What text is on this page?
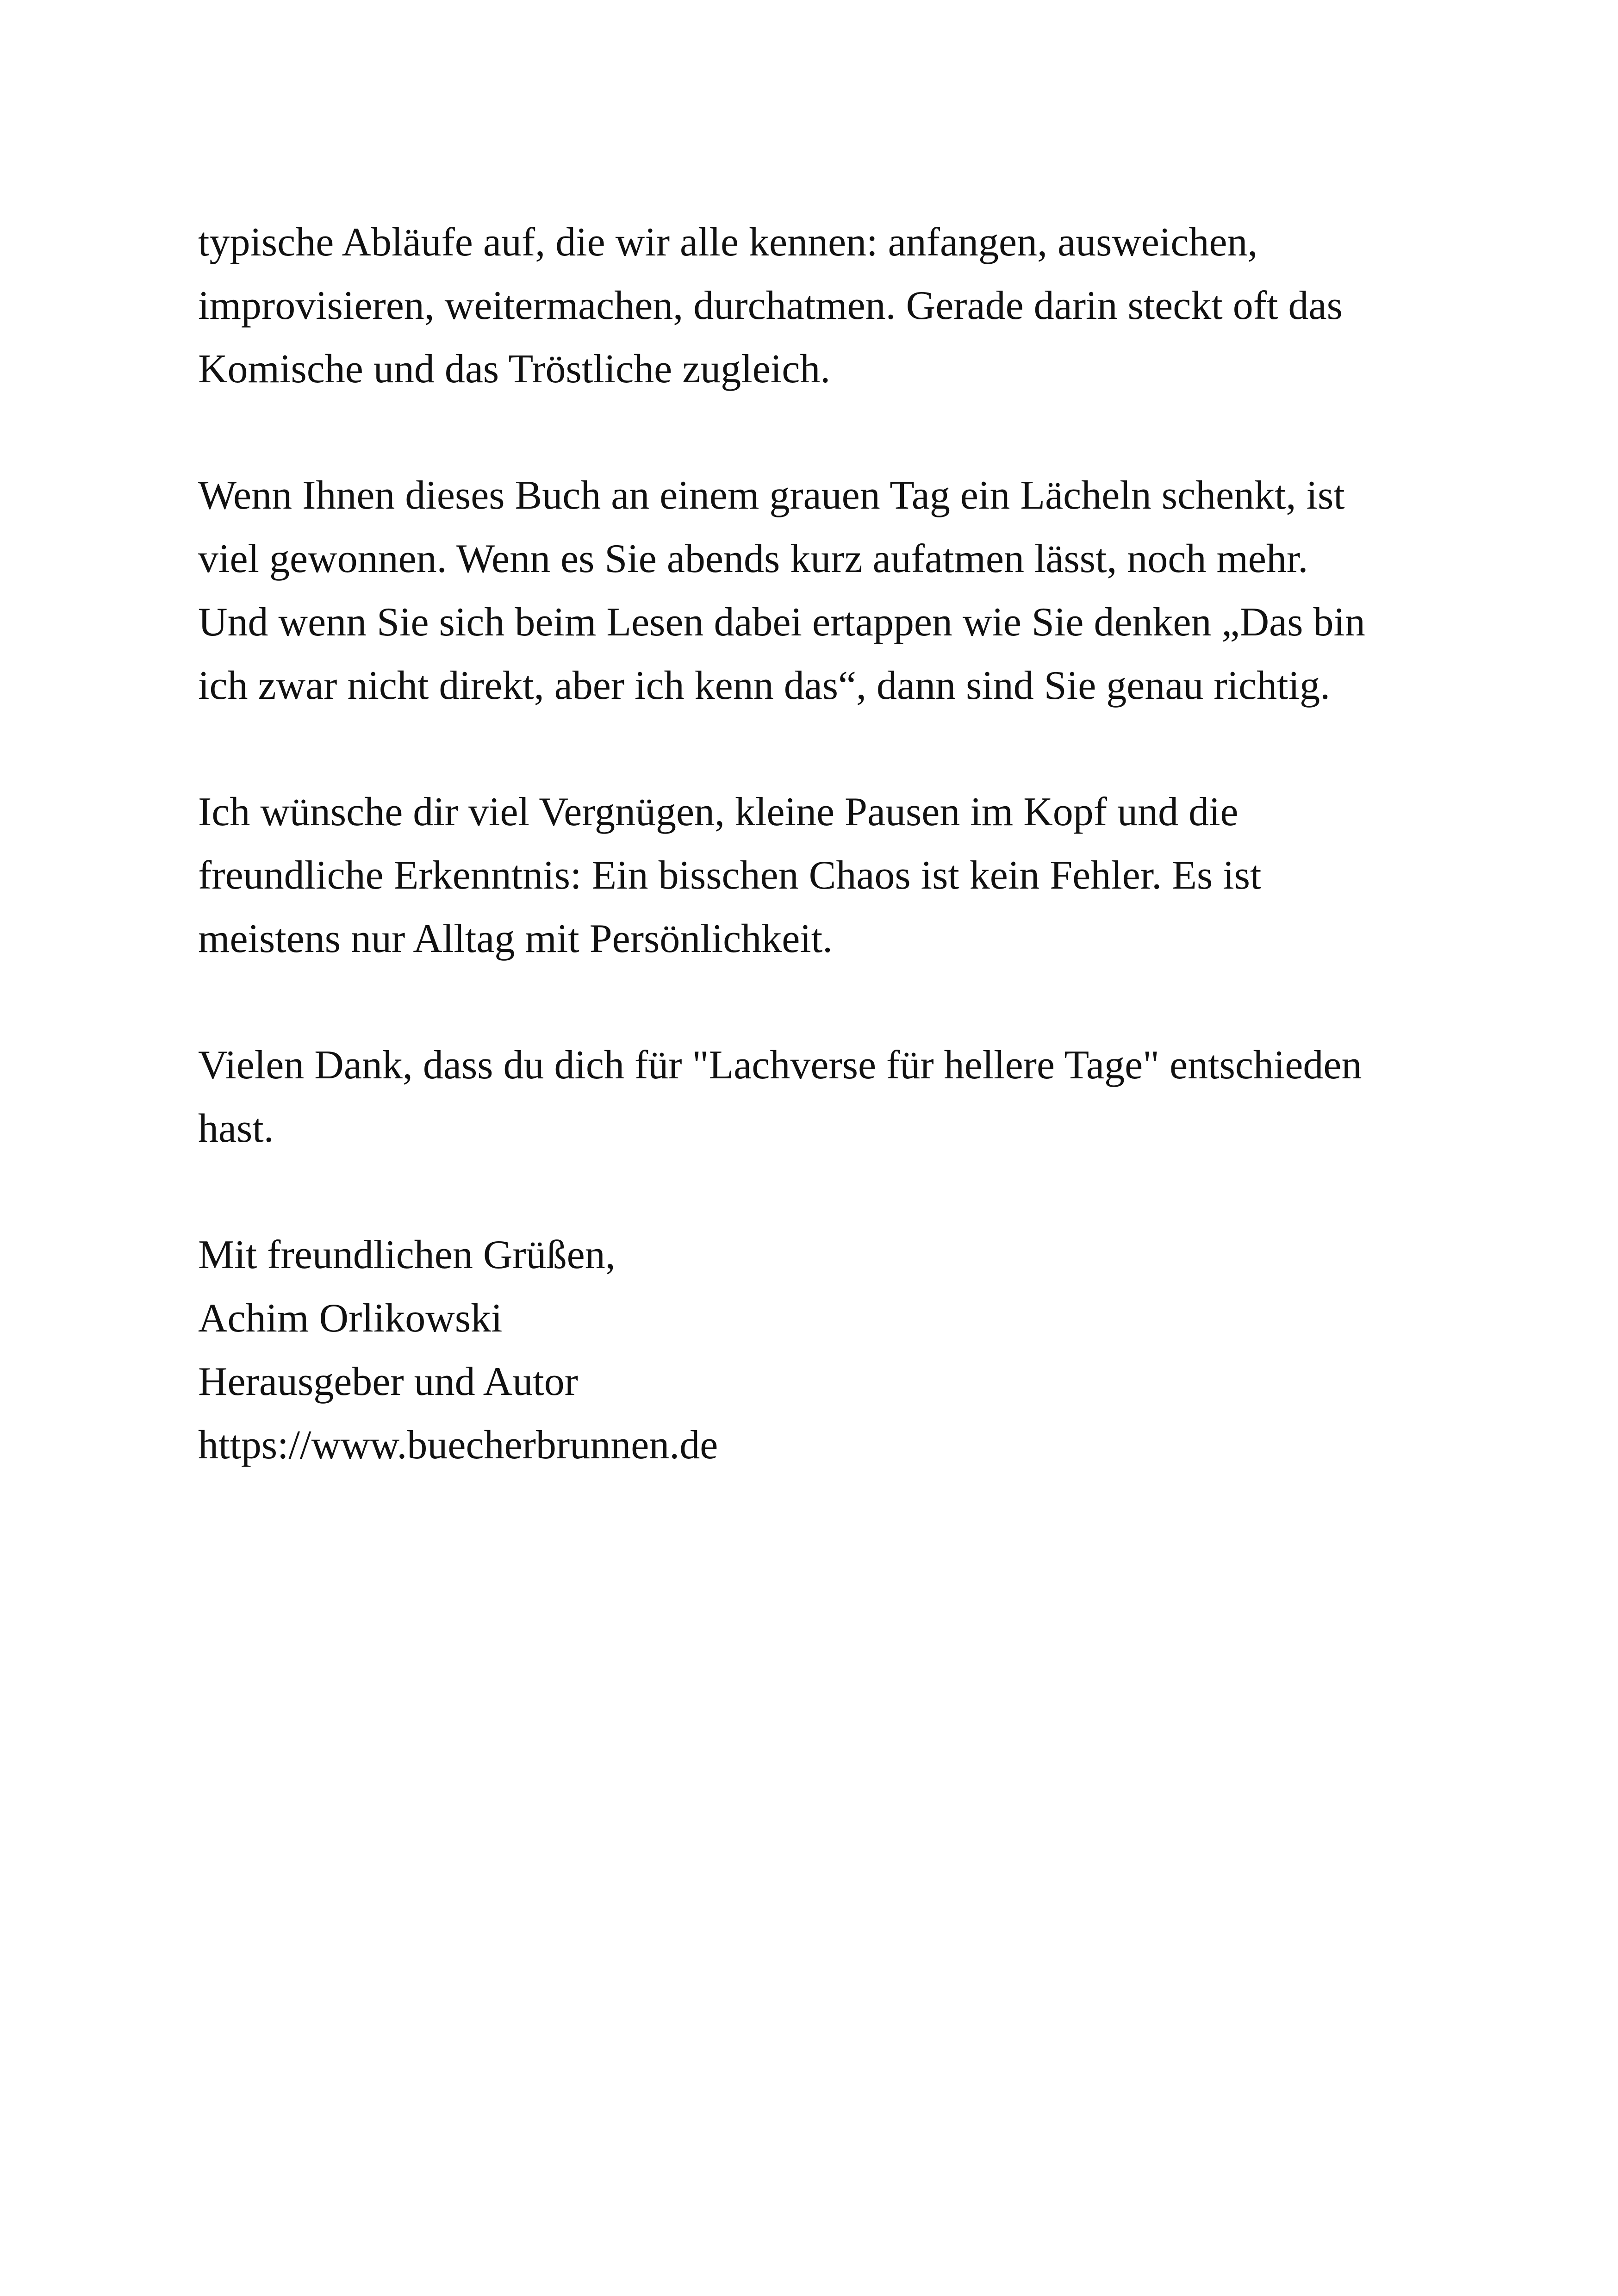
typische Abläufe auf, die wir alle kennen: anfangen, ausweichen,
improvisieren, weitermachen, durchatmen. Gerade darin steckt oft das
Komische und das Tröstliche zugleich.

Wenn Ihnen dieses Buch an einem grauen Tag ein Lächeln schenkt, ist
viel gewonnen. Wenn es Sie abends kurz aufatmen lässt, noch mehr.
Und wenn Sie sich beim Lesen dabei ertappen wie Sie denken „Das bin
ich zwar nicht direkt, aber ich kenn das“, dann sind Sie genau richtig.

Ich wünsche dir viel Vergnügen, kleine Pausen im Kopf und die
freundliche Erkenntnis: Ein bisschen Chaos ist kein Fehler. Es ist
meistens nur Alltag mit Persönlichkeit.

Vielen Dank, dass du dich für "Lachverse für hellere Tage" entschieden
hast.

Mit freundlichen Grüßen,
Achim Orlikowski
Herausgeber und Autor
https://www.buecherbrunnen.de
